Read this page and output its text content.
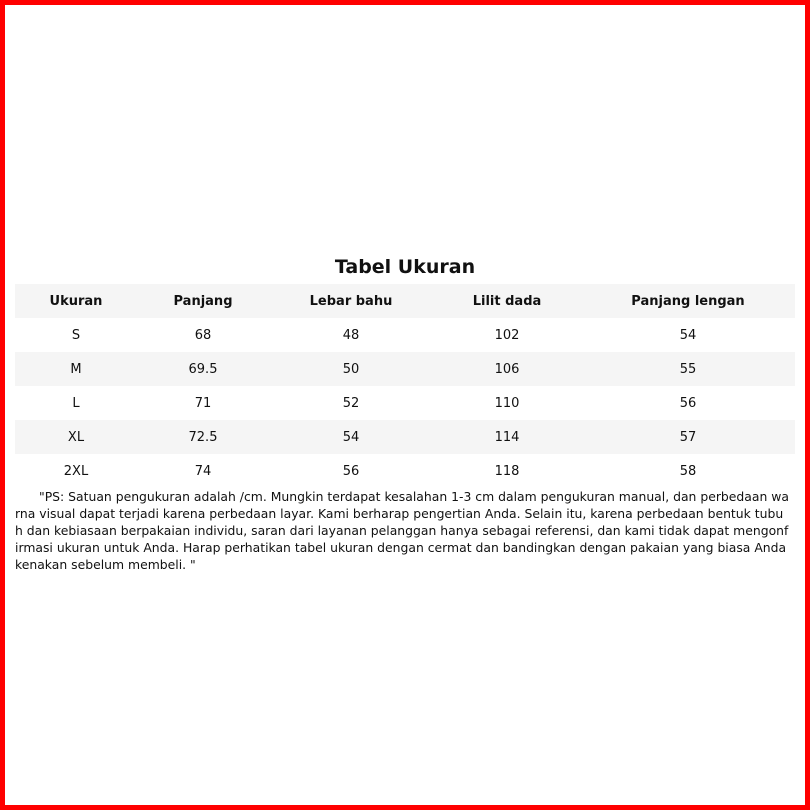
Tabel Ukuran
Ukuran	Panjang	Lebar bahu	Lilit dada	Panjang lengan
S	68	48	102	54
M	69.5	50	106	55
L	71	52	110	56
XL	72.5	54	114	57
2XL	74	56	118	58
"PS: Satuan pengukuran adalah /cm. Mungkin terdapat kesalahan 1-3 cm dalam pengukuran manual, dan perbedaan warna visual dapat terjadi karena perbedaan layar. Kami berharap pengertian Anda. Selain itu, karena perbedaan bentuk tubuh dan kebiasaan berpakaian individu, saran dari layanan pelanggan hanya sebagai referensi, dan kami tidak dapat mengonfirmasi ukuran untuk Anda. Harap perhatikan tabel ukuran dengan cermat dan bandingkan dengan pakaian yang biasa Anda kenakan sebelum membeli. "
